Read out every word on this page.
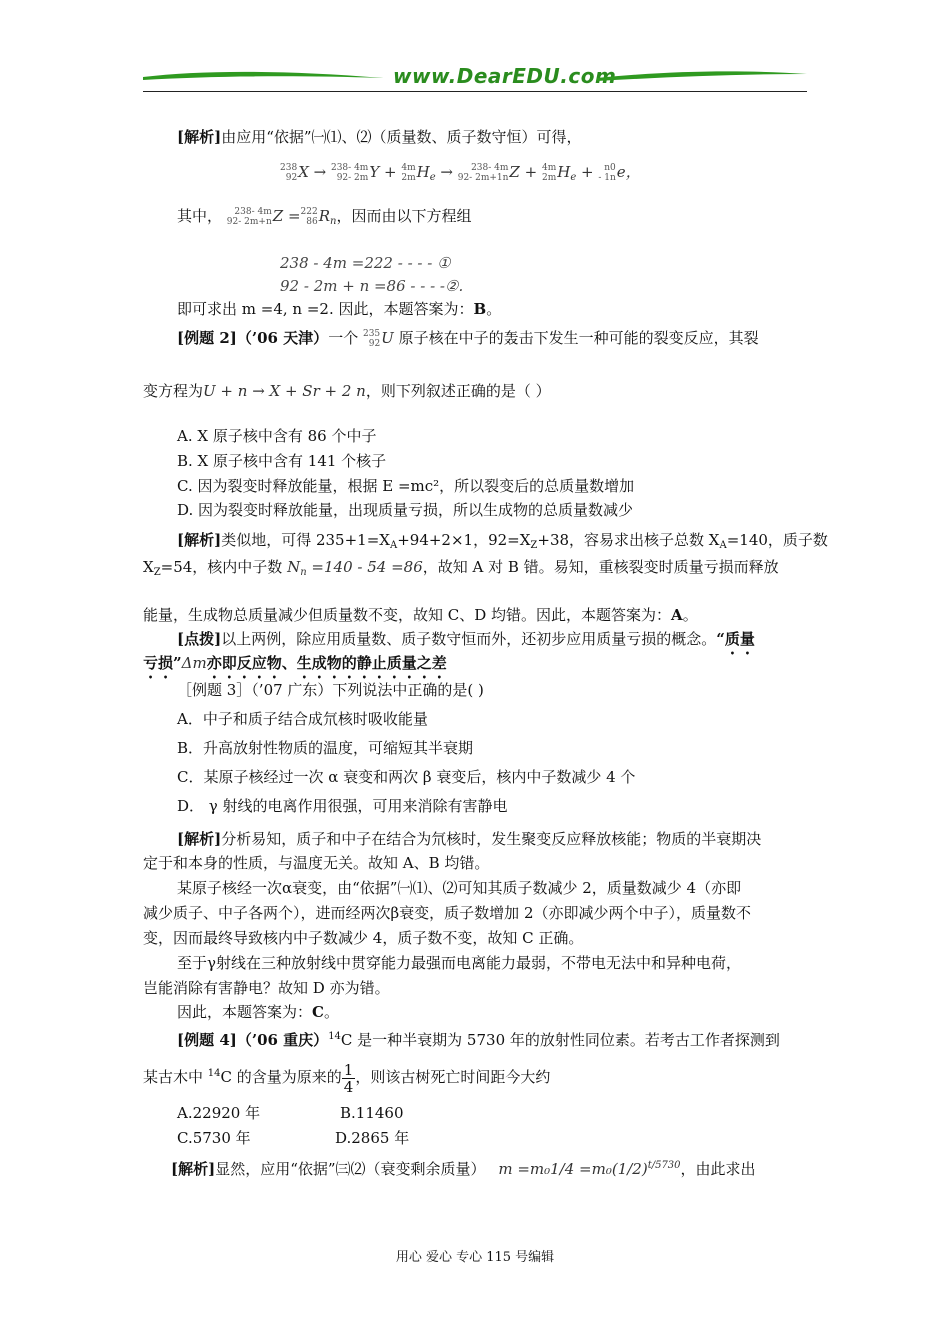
www.DearEDU.com
[解析]由应用“依据”㈠⑴、⑵（质量数、质子数守恒）可得，
238
92 X → 238- 4m
92- 2m Y + 4m
2m $H_e$ →	238- 4m
92- 2m+1n Z + 4m
2m $H_e + n0$
- 1n e，
其中，	238- 4m
92- 2m+n Z = 222
86 $R_n$，因而由以下方程组
238 - 4m =222 - - - - ①
92 - 2m + n =86 - - - -②.
即可求出 m =4, n =2. 因此，本题答案为：B。
[例题 2]（’06 天津）一个 235
92 U 原子核在中子的轰击下发生一种可能的裂变反应，其裂
变方程为U + n → X + Sr + 2 n，则下列叙述正确的是（ ）
A. X 原子核中含有 86 个中子
B. X 原子核中含有 141 个核子
C. 因为裂变时释放能量，根据 E =mc²，所以裂变后的总质量数增加
D. 因为裂变时释放能量，出现质量亏损，所以生成物的总质量数减少
[解析]类似地，可得 $235+1=X_A+94+2\times 1$，$92=X_Z+38$，容易求出核子总数 $X_A=140$，质子数
$X_Z=54$，核内中子数 $N_n =140 - 54 =86$，故知 A 对 B 错。易知，重核裂变时质量亏损而释放
能量，生成物总质量减少但质量数不变，故知 C、D 均错。因此，本题答案为：A。
[点拨]以上两例，除应用质量数、质子数守恒而外，还初步应用质量亏损的概念。“质量
亏损”Δm亦即反应物、生成物的静止质量之差
［例题 3］（’07 广东）下列说法中正确的是( )
A．中子和质子结合成氘核时吸收能量
B．升高放射性物质的温度，可缩短其半衰期
C．某原子核经过一次 α 衰变和两次 β 衰变后，核内中子数减少 4 个
D． γ 射线的电离作用很强，可用来消除有害静电
[解析]分析易知，质子和中子在结合为氘核时，发生聚变反应释放核能；物质的半衰期决
定于和本身的性质，与温度无关。故知 A、B 均错。
某原子核经一次α衰变，由“依据”㈠⑴、⑵可知其质子数减少 2，质量数减少 4（亦即
减少质子、中子各两个），进而经两次β衰变，质子数增加 2（亦即减少两个中子），质量数不
变，因而最终导致核内中子数减少 4，质子数不变，故知 C 正确。
至于γ射线在三种放射线中贯穿能力最强而电离能力最弱，不带电无法中和异种电荷，
岂能消除有害静电？故知 D 亦为错。
因此，本题答案为：C。
[例题 4]（’06 重庆）$^{14}$C 是一种半衰期为 5730 年的放射性同位素。若考古工作者探测到
某古木中 $^{14}$C 的含量为原来的 $\frac{1}{4}$ ，则该古树死亡时间距今大约
A.22920 年	B.11460
C.5730 年	D.2865 年
[解析]显然，应用“依据”㈢⑵（衰变剩余质量） $m =m_01/4 =m_0(1/2)^{t/5730}$，由此求出
用心 爱心 专心 115 号编辑
